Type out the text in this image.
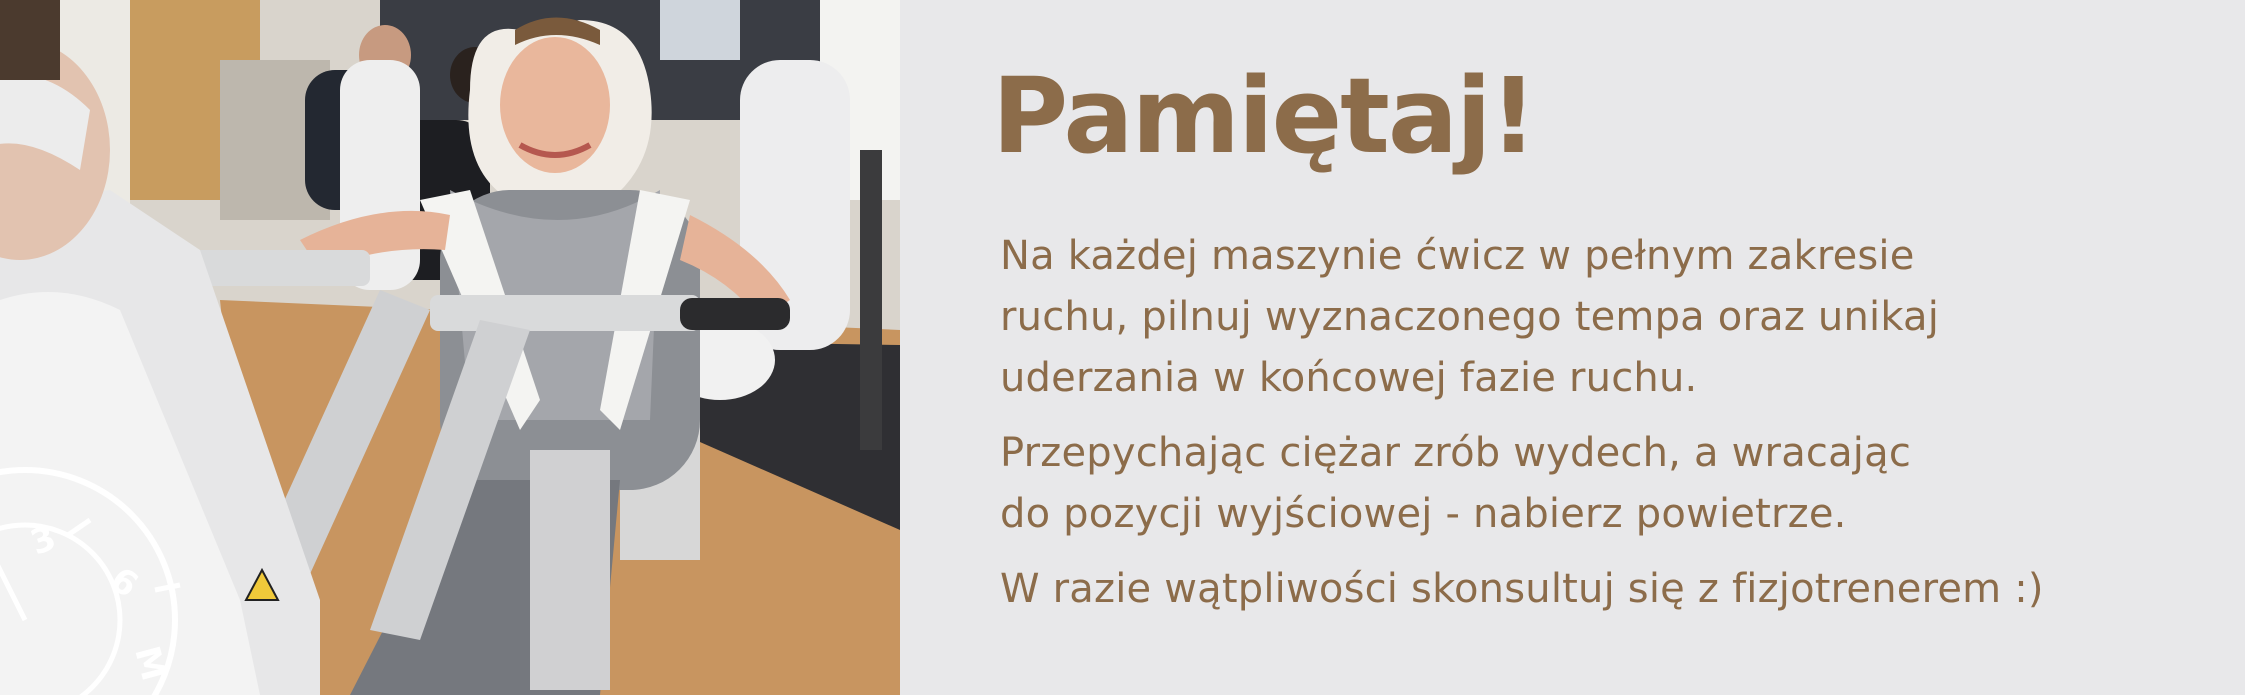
3
6
M
Pamiętaj!

Na każdej maszynie ćwicz w pełnym zakresie
ruchu, pilnuj wyznaczonego tempa oraz unikaj
uderzania w końcowej fazie ruchu.

Przepychając ciężar zrób wydech, a wracając
do pozycji wyjściowej - nabierz powietrze.

W razie wątpliwości skonsultuj się z fizjotrenerem :)
